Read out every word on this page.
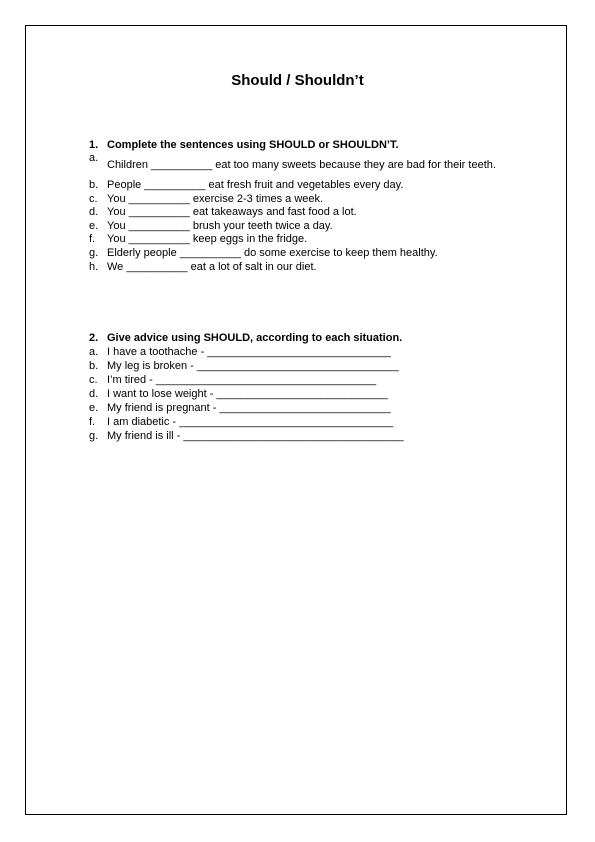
Should / Shouldn’t
1. Complete the sentences using SHOULD or SHOULDN’T.
a.
Children __________ eat too many sweets because they are bad for their teeth.
b. People __________ eat fresh fruit and vegetables every day.
c. You __________ exercise 2-3 times a week.
d. You __________ eat takeaways and fast food a lot.
e. You __________ brush your teeth twice a day.
f.	You __________ keep eggs in the fridge.
g. Elderly people __________ do some exercise to keep them healthy.
h. We __________ eat a lot of salt in our diet.
2. Give advice using SHOULD, according to each situation.
a. I have a toothache - ______________________________
b. My leg is broken - _________________________________
c. I’m tired - ____________________________________
d. I want to lose weight - ____________________________
e. My friend is pregnant - ____________________________
f.	I am diabetic - ___________________________________
g. My friend is ill - ____________________________________
